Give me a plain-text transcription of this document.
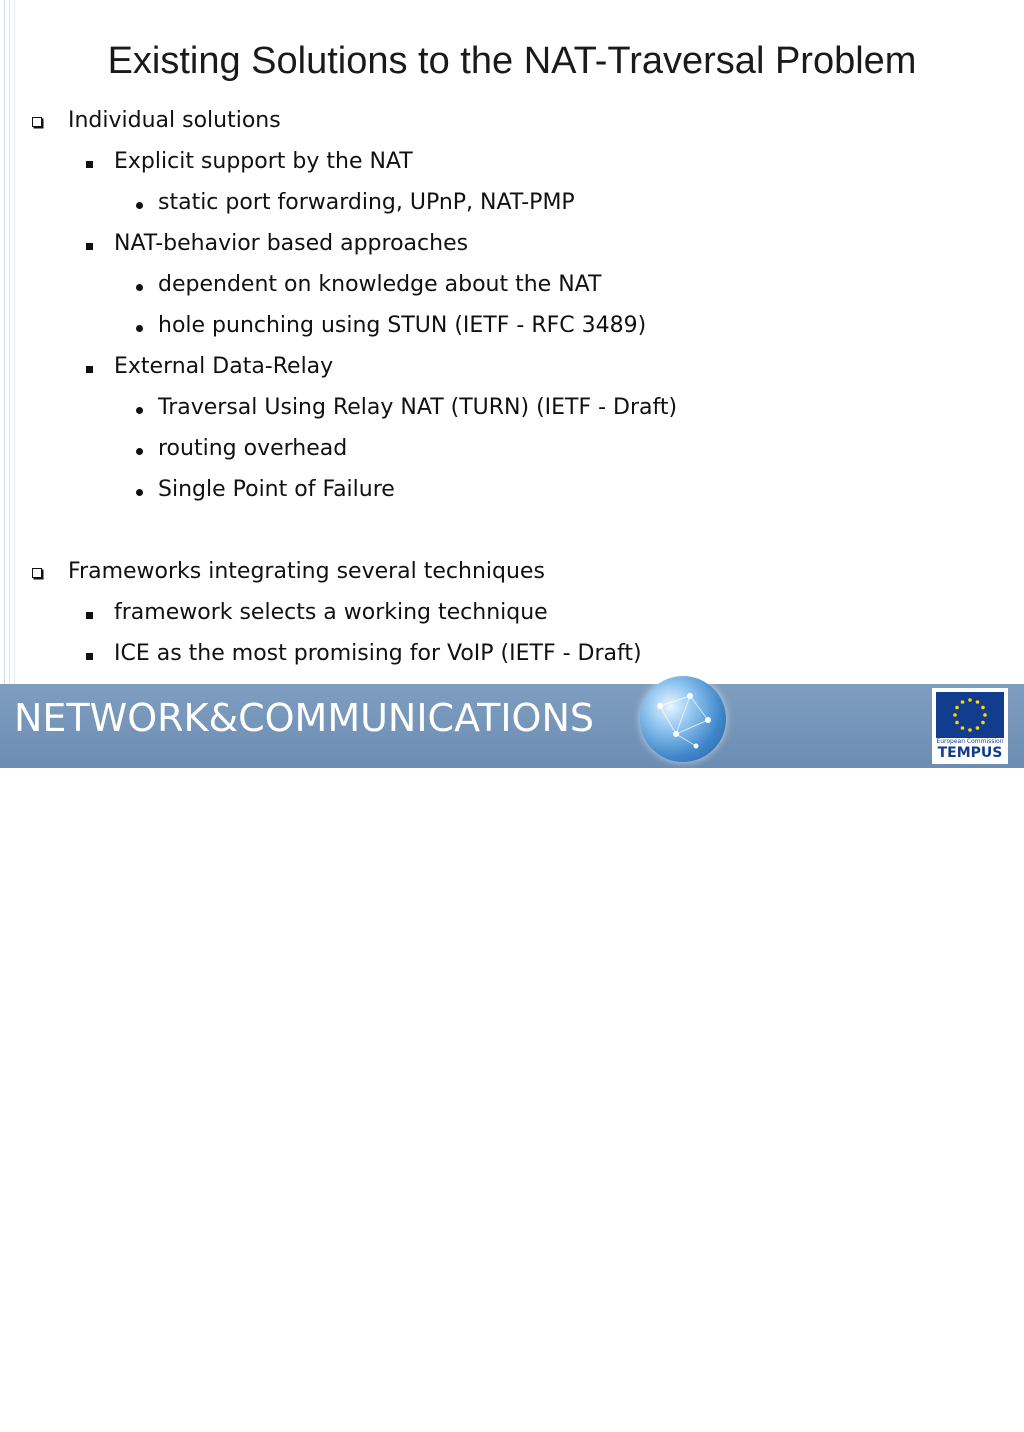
Existing Solutions to the NAT-Traversal Problem
Individual solutions
Explicit support by the NAT
static port forwarding, UPnP, NAT-PMP
NAT-behavior based approaches
dependent on knowledge about the NAT
hole punching using STUN (IETF - RFC 3489)
External Data-Relay
Traversal Using Relay NAT (TURN) (IETF - Draft)
routing overhead
Single Point of Failure
Frameworks integrating several techniques
framework selects a working technique
ICE as the most promising for VoIP (IETF - Draft)
NETWORK&COMMUNICATIONS
Modernising
higher education
European Commission
TEMPUS
